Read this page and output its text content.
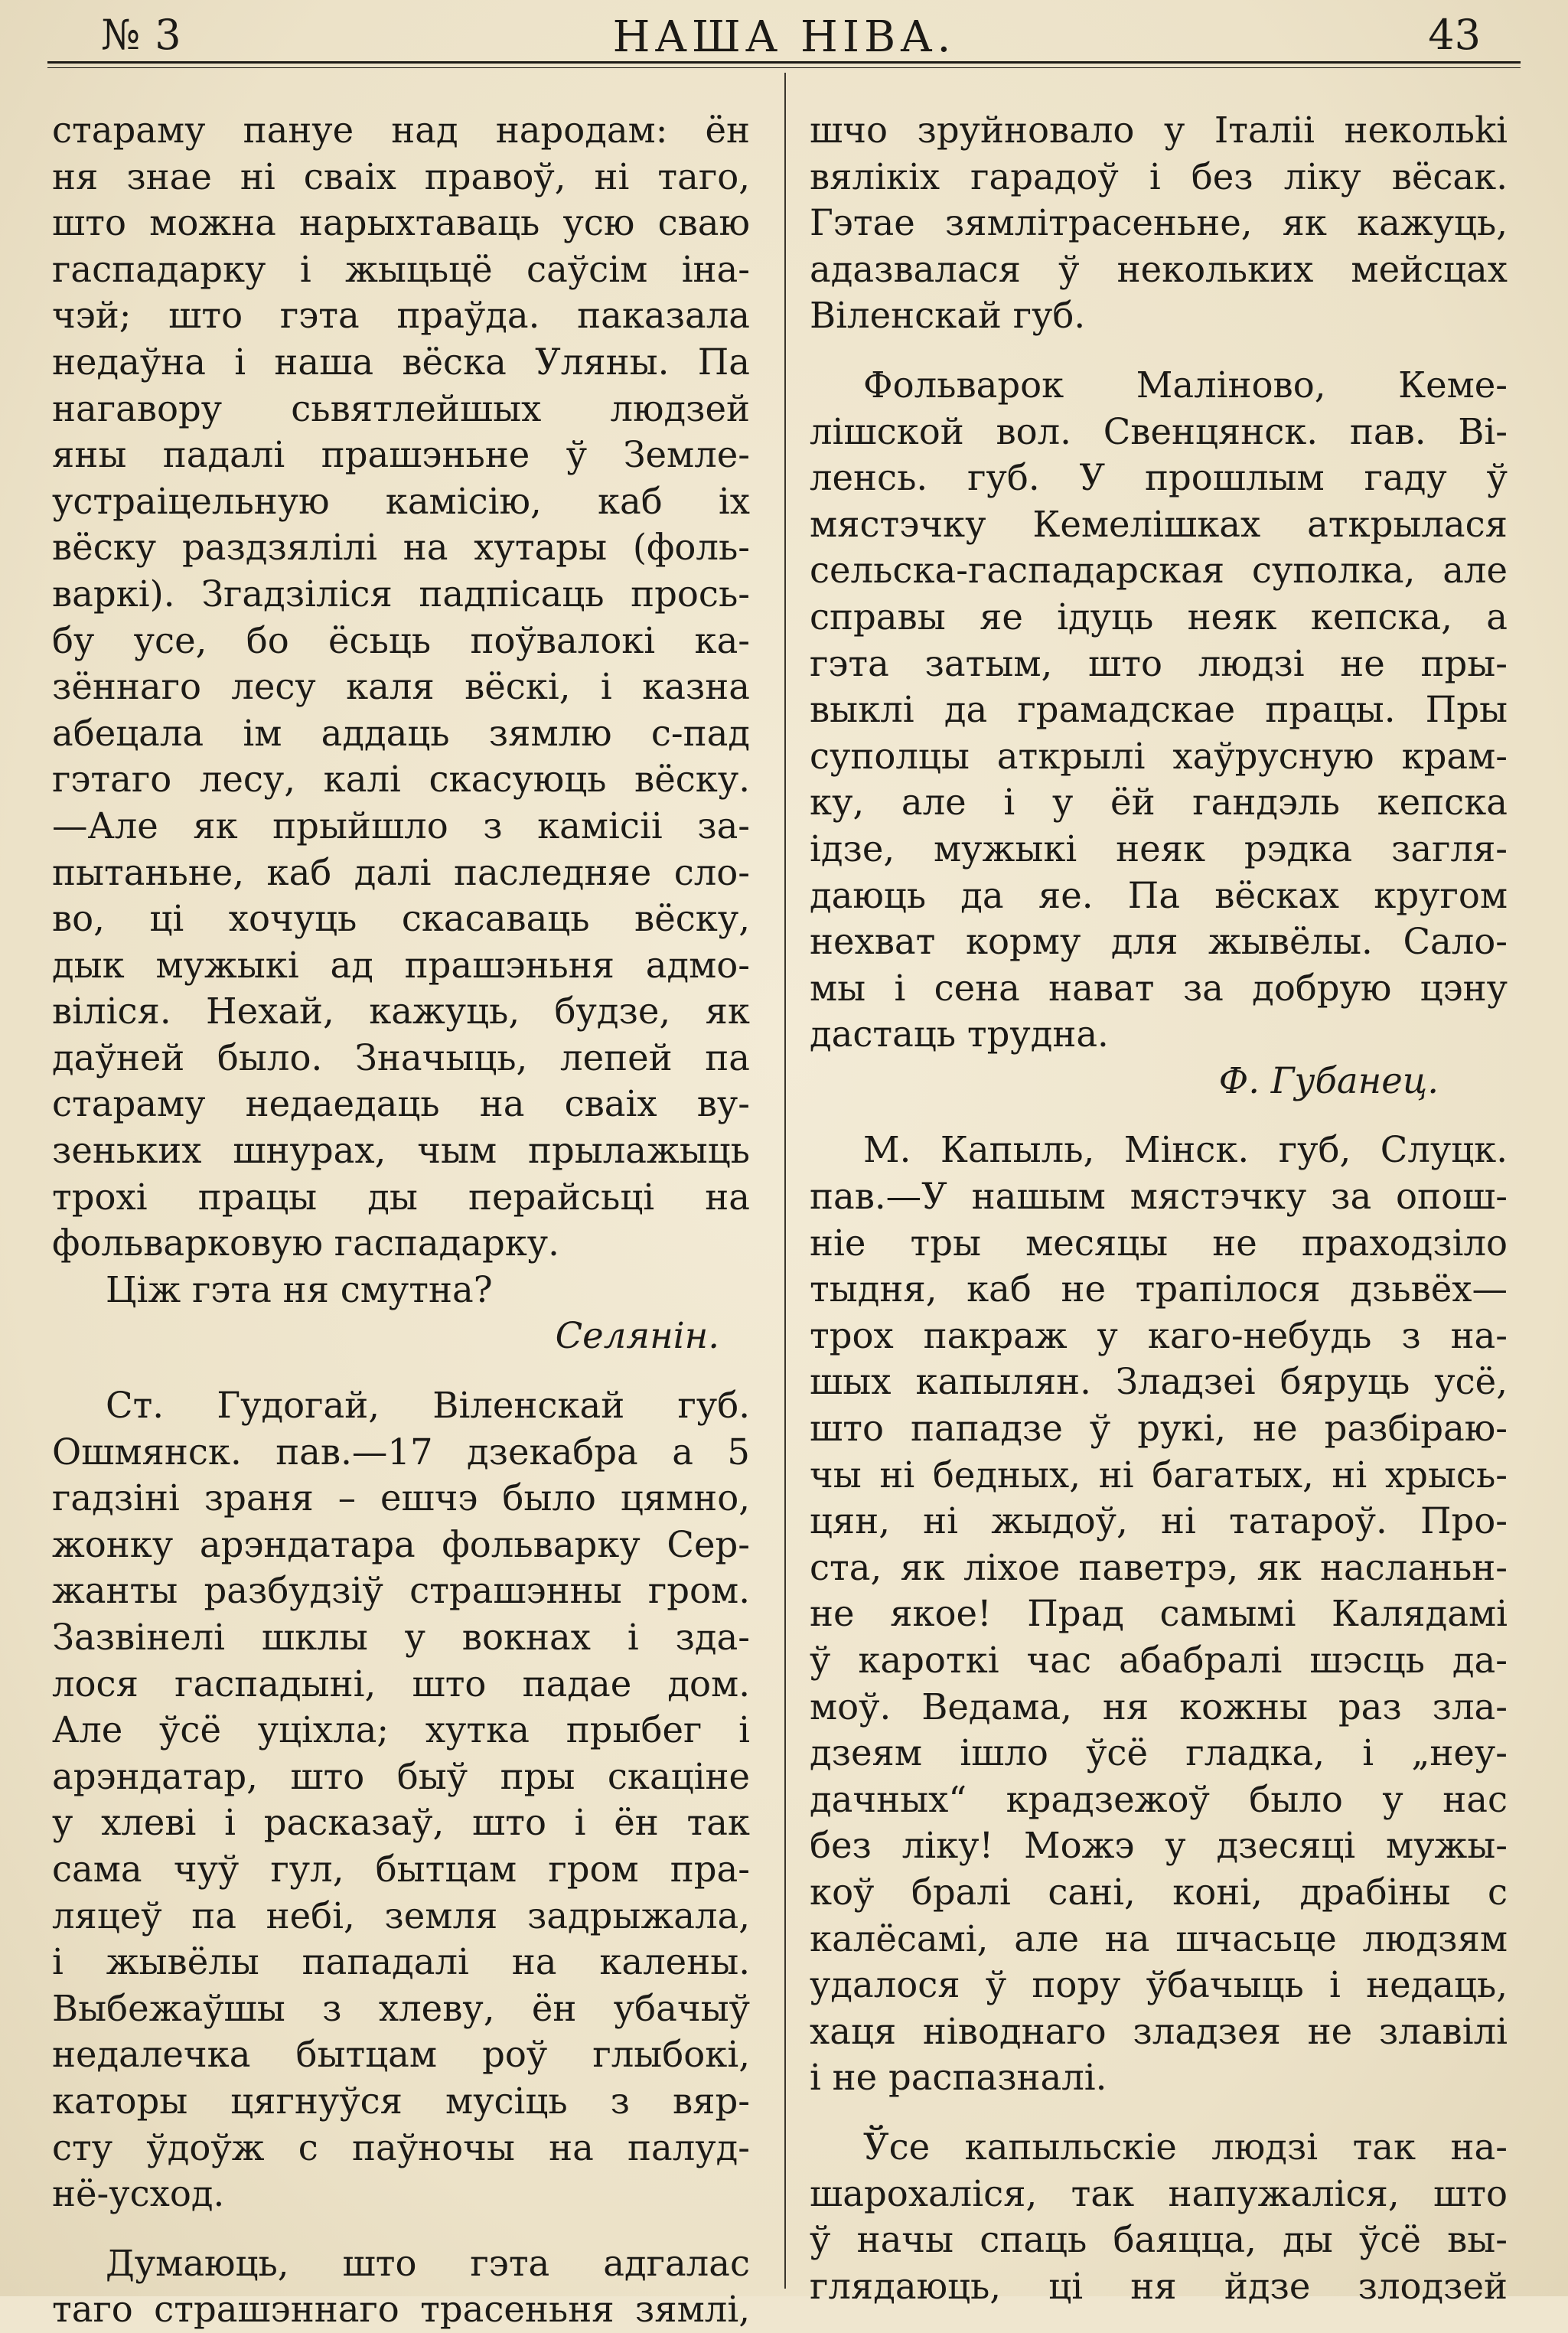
№ 3	НАША НІВА.	43
стараму пануе над народам: ён
ня знае ні сваіх правоў, ні таго,
што можна нарыхтаваць усю сваю
гаспадарку і жыцьцё саўсім іна-
чэй; што гэта праўда. паказала
недаўна і наша вёска Уляны. Па
нагавору сьвятлейшых людзей
яны падалі прашэньне ў Земле-
устраіцельную камісію, каб іх
вёску раздзялілі на хутары (фоль-
варкі). Згадзіліся падпісаць прось-
бу усе, бо ёсьць поўвалокі ка-
зённаго лесу каля вёскі, і казна
абецала ім аддаць зямлю с-пад
гэтаго лесу, калі скасуюць вёску.
—Але як прыйшло з камісіі за-
пытаньне, каб далі паследняе сло-
во, ці хочуць скасаваць вёску,
дык мужыкі ад прашэньня адмо-
віліся. Нехай, кажуць, будзе, як
даўней было. Значыць, лепей па
стараму недаедаць на сваіх ву-
зеньких шнурах, чым прылажыць
трохі працы ды перайсьці на
фольварковую гаспадарку.
Ціж гэта ня смутна?
Селянін.
Ст. Гудогай, Віленскай губ.
Ошмянск. пав.—17 дзекабра а 5
гадзіні зраня – ешчэ было цямно,
жонку арэндатара фольварку Сер-
жанты разбудзіў страшэнны гром.
Зазвінелі шклы у вокнах і зда-
лося гаспадыні, што падае дом.
Але ўсё уціхла; хутка прыбег і
арэндатар, што быў пры скаціне
у хлеві і расказаў, што і ён так
сама чуў гул, бытцам гром пра-
ляцеў па небі, земля задрыжала,
і жывёлы пападалі на калены.
Выбежаўшы з хлеву, ён убачыў
недалечка бытцам роў глыбокі,
каторы цягнуўся мусіць з вяр-
сту ўдоўж с паўночы на палуд-
нё-усход.
Думаюць, што гэта адгалас
таго страшэннаго трасеньня зямлі,
шчо зруйновало у Італіі некольki
вялікіх гарадоў і без ліку вёсак.
Гэтае зямлітрасеньне, як кажуць,
адазвалася ў некольких мейсцах
Віленскай губ.
Фольварок Маліново, Кеме-
лішской вол. Свенцянск. пав. Ві-
ленсь. губ. У прошлым гаду ў
мястэчку Кемелішках аткрылася
сельска-гаспадарская суполка, але
справы яе ідуць неяк кепска, а
гэта затым, што людзі не пры-
выклі да грамадскае працы. Пры
суполцы аткрылі хаўрусную крам-
ку, але і у ёй гандэль кепска
ідзе, мужыкі неяк рэдка загля-
даюць да яе. Па вёсках кругом
нехват корму для жывёлы. Сало-
мы і сена нават за добрую цэну
дастаць трудна.
Ф. Губанец.
М. Капыль, Мінск. губ, Слуцк.
пав.—У нашым мястэчку за опош-
ніе тры месяцы не праходзіло
тыдня, каб не трапілося дзьвёх—
трох пакраж у каго-небудь з на-
шых капылян. Зладзеі бяруць усё,
што пападзе ў рукі, не разбіраю-
чы ні бедных, ні багатых, ні хрысь-
цян, ні жыдоў, ні татароў. Про-
ста, як ліхое паветрэ, як насланьн-
не якое! Прад самымі Калядамі
ў кароткі час абабралі шэсць да-
моў. Ведама, ня кожны раз зла-
дзеям ішло ўсё гладка, і „неу-
дачных“ крадзежоў было у нас
без ліку! Можэ у дзесяці мужы-
коў бралі сані, коні, драбіны с
калёсамі, але на шчасьце людзям
удалося ў пору ўбачыць і недаць,
хаця ніводнаго зладзея не злавілі
і не распазналі.
Ўсе капыльскіе людзі так на-
шарохаліся, так напужаліся, што
ў начы спаць баяцца, ды ўсё вы-
глядаюць, ці ня йдзе злодзей
